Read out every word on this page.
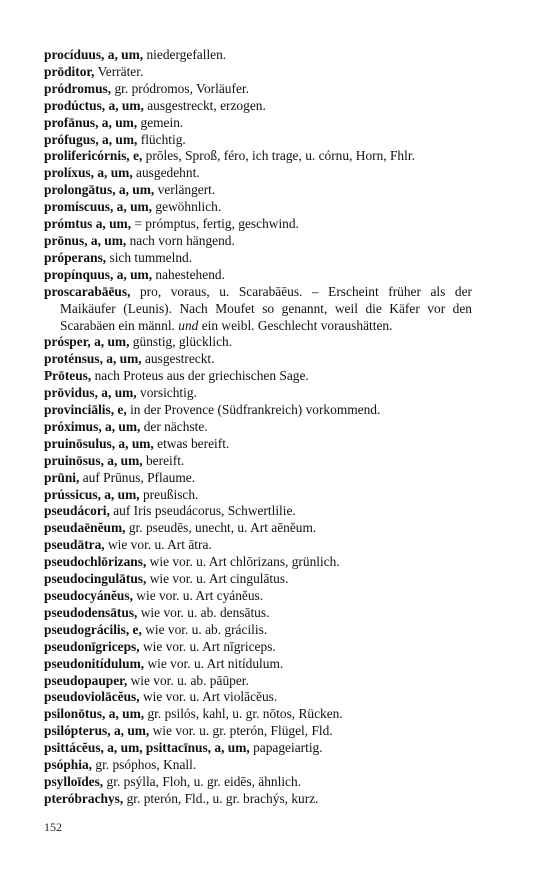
procíduus, a, um, niedergefallen.

prōditor, Verräter.

pródromus, gr. pródromos, Vorläufer.

prodúctus, a, um, ausgestreckt, erzogen.

profānus, a, um, gemein.

prófugus, a, um, flüchtig.

prolifericórnis, e, prōles, Sproß, féro, ich trage, u. córnu, Horn, Fhlr.

prolíxus, a, um, ausgedehnt.

prolongātus, a, um, verlängert.

promíscuus, a, um, gewöhnlich.

prómtus a, um, = prómptus, fertig, geschwind.

prōnus, a, um, nach vorn hängend.

próperans, sich tummelnd.

propínquus, a, um, nahestehend.

proscarabāēus, pro, voraus, u. Scarabāēus. – Erscheint früher als der Maikäufer (Leunis). Nach Moufet so genannt, weil die Käfer vor den Scarabäen ein männl. und ein weibl. Geschlecht voraushätten.

prósper, a, um, günstig, glücklich.

proténsus, a, um, ausgestreckt.

Prōteus, nach Proteus aus der griechischen Sage.

prōvidus, a, um, vorsichtig.

provinciālis, e, in der Provence (Südfrankreich) vorkommend.

próximus, a, um, der nächste.

pruinōsulus, a, um, etwas bereift.

pruinōsus, a, um, bereift.

prūni, auf Prūnus, Pflaume.

prússicus, a, um, preußisch.

pseudácori, auf Iris pseudácorus, Schwertlilie.

pseudaēnĕum, gr. pseudēs, unecht, u. Art aēnĕum.

pseudātra, wie vor. u. Art ātra.

pseudochlōrizans, wie vor. u. Art chlōrizans, grünlich.

pseudocingulātus, wie vor. u. Art cingulātus.

pseudocyánĕus, wie vor. u. Art cyánĕus.

pseudodensātus, wie vor. u. ab. densātus.

pseudográcilis, e, wie vor. u. ab. grácilis.

pseudonīgriceps, wie vor. u. Art nīgriceps.

pseudonitídulum, wie vor. u. Art nitídulum.

pseudopauper, wie vor. u. ab. pāūper.

pseudoviolācĕus, wie vor. u. Art violācĕus.

psilonōtus, a, um, gr. psilós, kahl, u. gr. nōtos, Rücken.

psilópterus, a, um, wie vor. u. gr. pterón, Flügel, Fld.

psittácĕus, a, um, psittacīnus, a, um, papageiartig.

psóphia, gr. psóphos, Knall.

psylloīdes, gr. psýlla, Floh, u. gr. eidēs, ähnlich.

pteróbrachys, gr. pterón, Fld., u. gr. brachýs, kurz.

152
